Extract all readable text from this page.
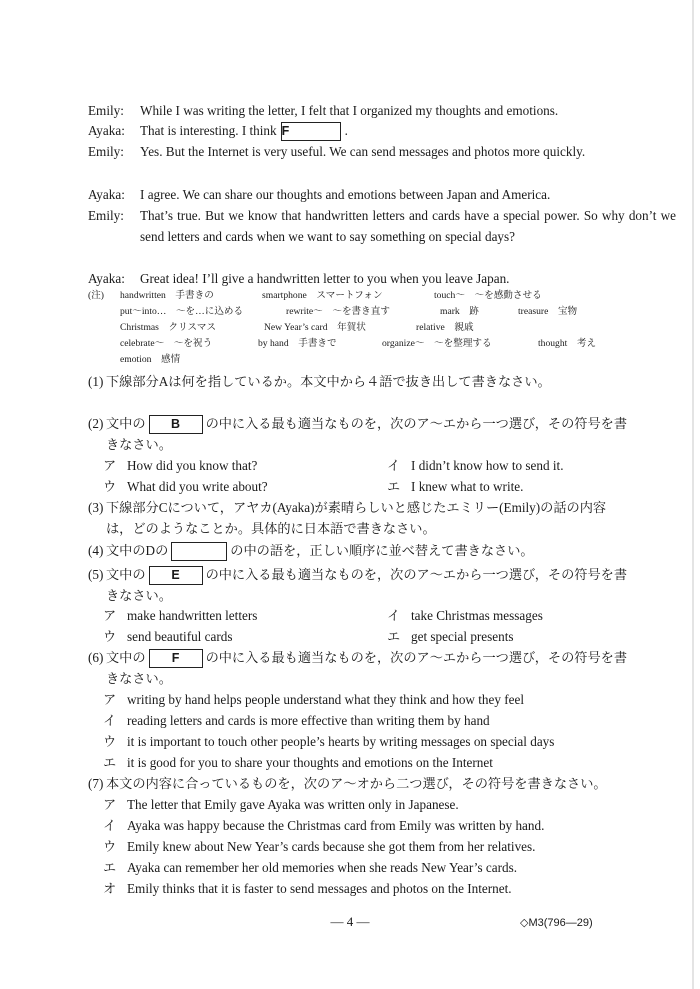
Emily: While I was writing the letter, I felt that I organized my thoughts and emotions.
Ayaka: That is interesting. I think F	.
Emily: Yes. But the Internet is very useful. We can send messages and photos more quickly.
Ayaka: I agree. We can share our thoughts and emotions between Japan and America.
Emily: That’s true. But we know that handwritten letters and cards have a special power. So why don’t we send letters and cards when we want to say something on special days?
Ayaka: Great idea! I’ll give a handwritten letter to you when you leave Japan.
(注) handwritten　手書きの	smartphone　スマートフォン	touch～　～を感動させる
put～into…　～を…に込める	rewrite～　～を書き直す	mark　跡	treasure　宝物
Christmas　クリスマス	New Year’s card　年賀状	relative　親戚
celebrate～　～を祝う	by hand　手書きで	organize～　～を整理する	thought　考え
emotion　感情
(1) 下線部分Aは何を指しているか。本文中から４語で抜き出して書きなさい。
(2) 文中の B の中に入る最も適当なものを，次のア～エから一つ選び，その符号を書きなさい。
ア How did you know that?	イ I didn’t know how to send it.
ウ What did you write about?	エ I knew what to write.
(3) 下線部分Cについて，アヤカ(Ayaka)が素晴らしいと感じたエミリー(Emily)の話の内容は，どのようなことか。具体的に日本語で書きなさい。
(4) 文中のDの	の中の語を，正しい順序に並べ替えて書きなさい。
(5) 文中の E の中に入る最も適当なものを，次のア～エから一つ選び，その符号を書きなさい。
ア make handwritten letters	イ take Christmas messages
ウ send beautiful cards	エ get special presents
(6) 文中の F の中に入る最も適当なものを，次のア～エから一つ選び，その符号を書きなさい。
ア writing by hand helps people understand what they think and how they feel
イ reading letters and cards is more effective than writing them by hand
ウ it is important to touch other people’s hearts by writing messages on special days
エ it is good for you to share your thoughts and emotions on the Internet
(7) 本文の内容に合っているものを，次のア～オから二つ選び，その符号を書きなさい。
ア The letter that Emily gave Ayaka was written only in Japanese.
イ Ayaka was happy because the Christmas card from Emily was written by hand.
ウ Emily knew about New Year’s cards because she got them from her relatives.
エ Ayaka can remember her old memories when she reads New Year’s cards.
オ Emily thinks that it is faster to send messages and photos on the Internet.
— 4 —	◇M3(796—29)
